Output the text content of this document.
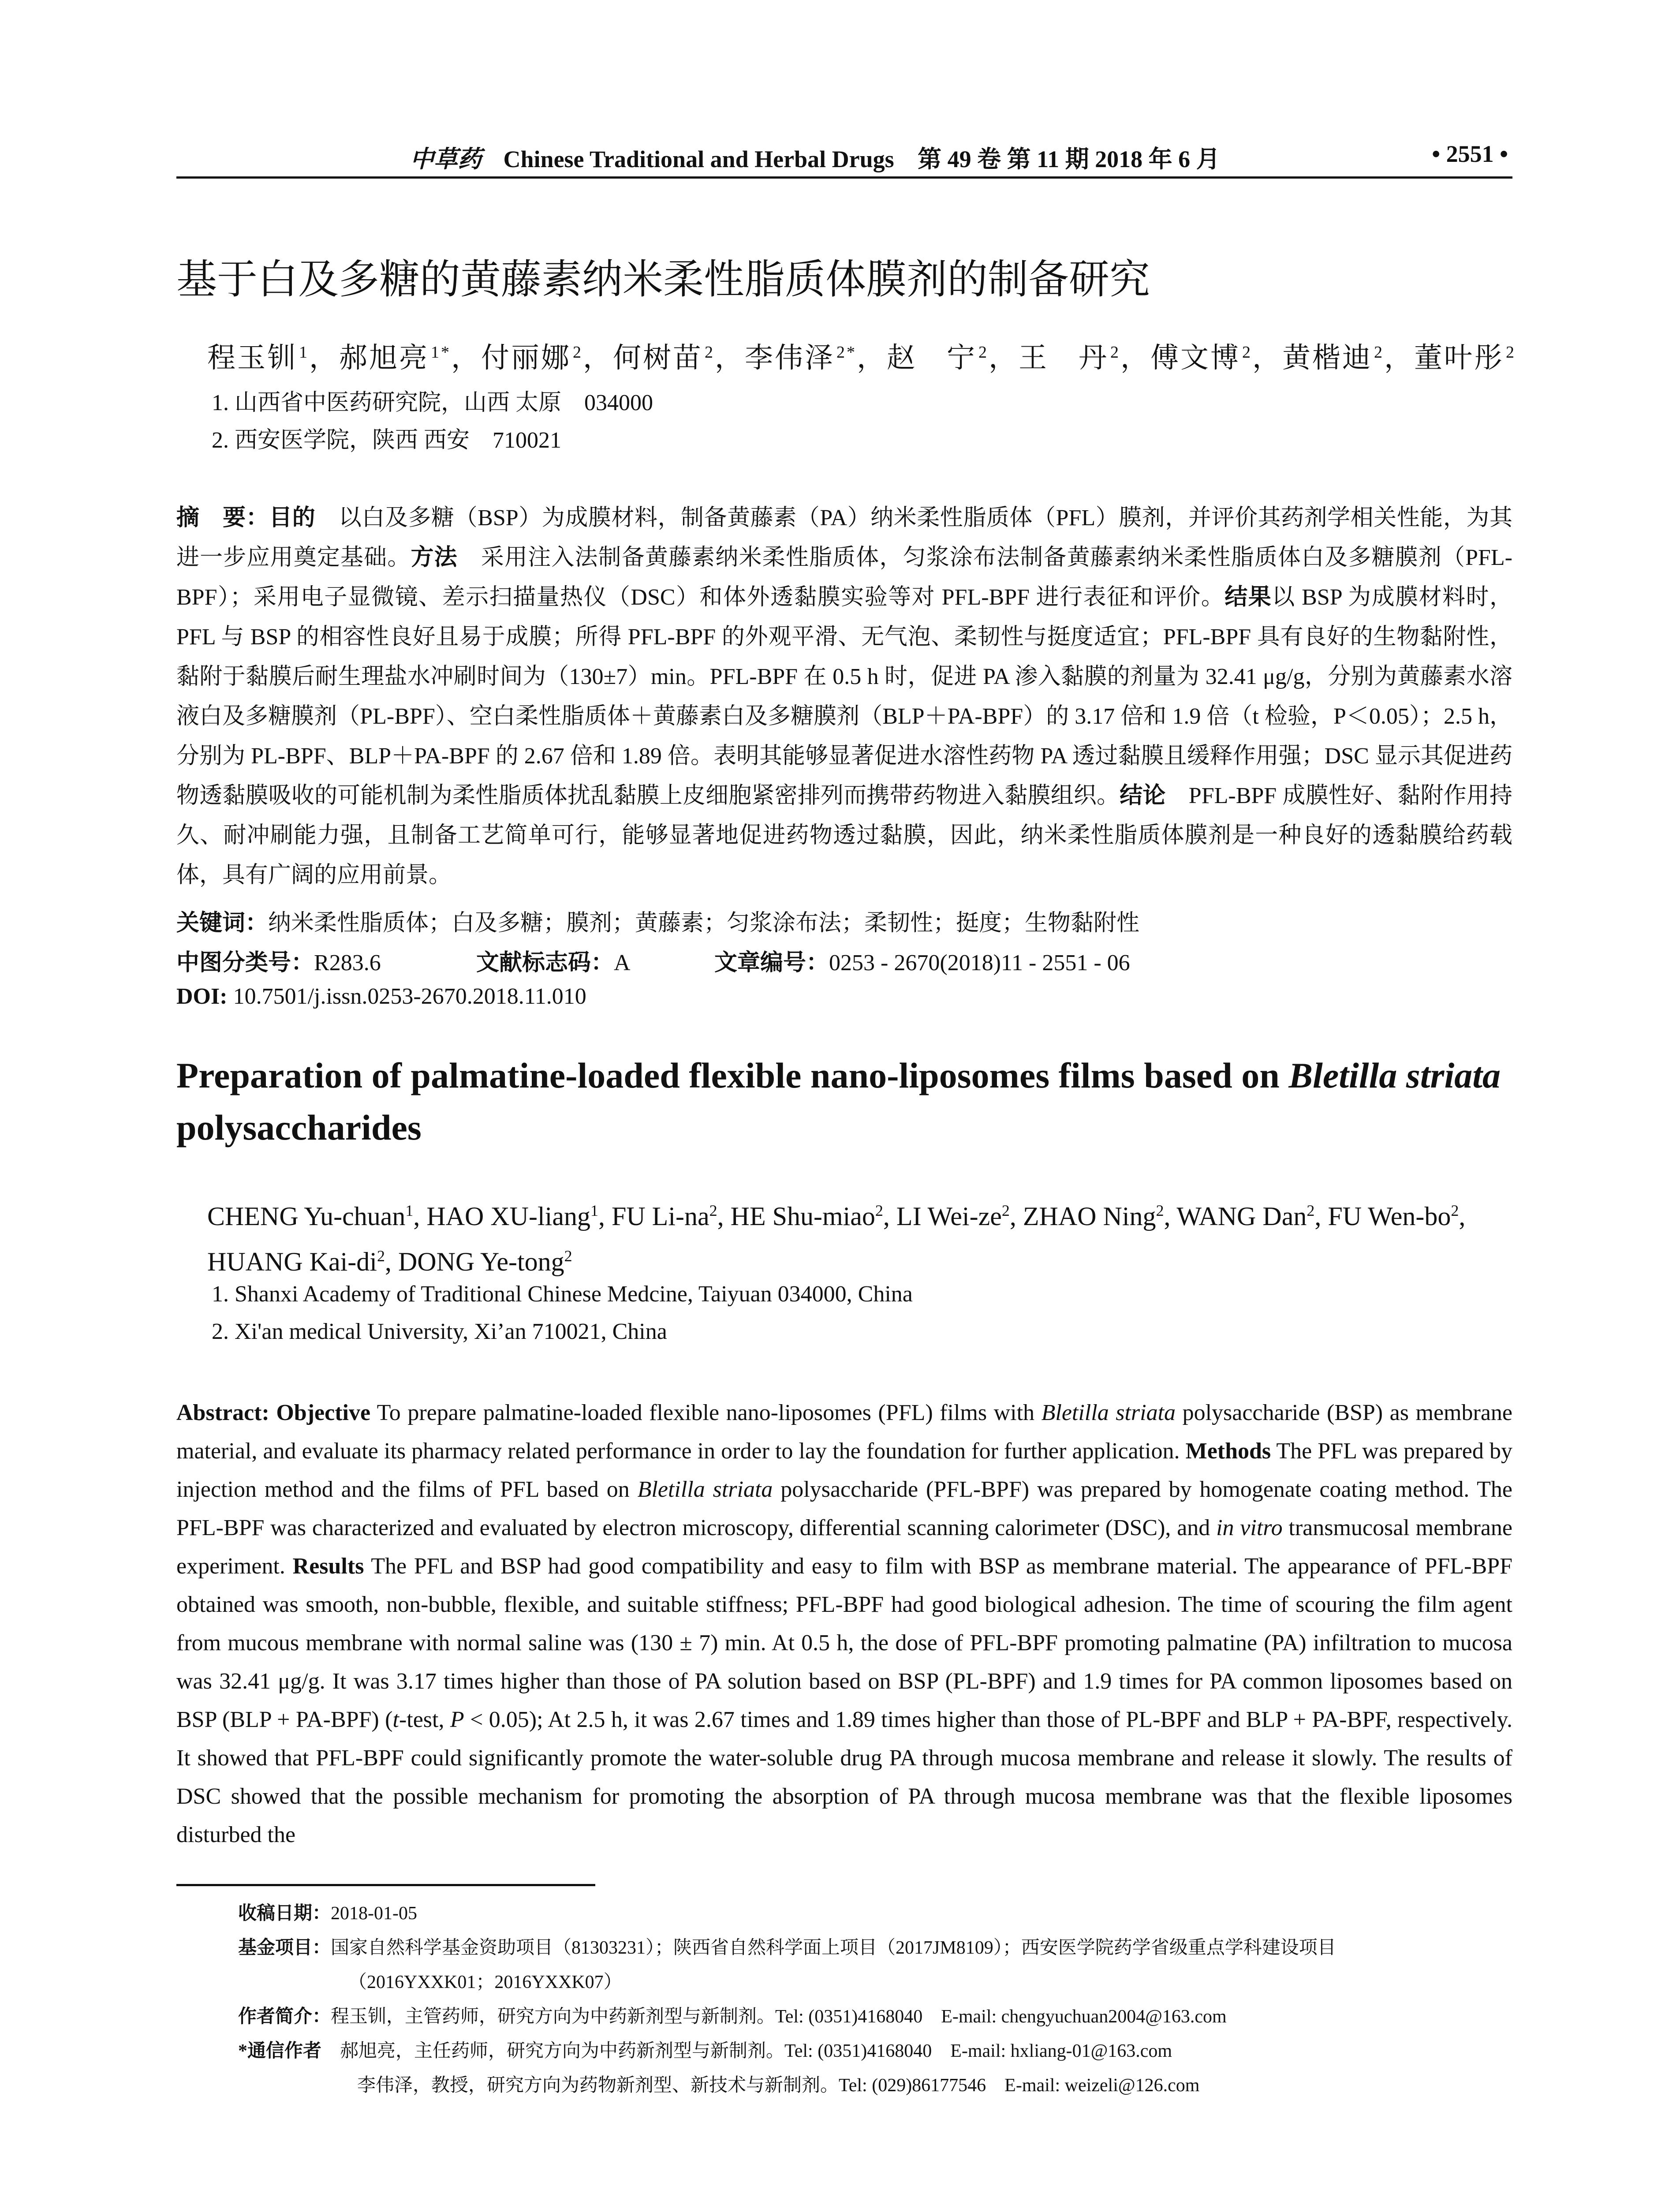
中草药 Chinese Traditional and Herbal Drugs 第 49 卷 第 11 期 2018 年 6 月	• 2551 •
基于白及多糖的黄藤素纳米柔性脂质体膜剂的制备研究
程玉钏 $^1$，郝旭亮 $^{1*}$，付丽娜 $^2$，何树苗 $^2$，李伟泽 $^{2*}$，赵　宁 $^2$，王　丹 $^2$，傅文博 $^2$，黄楷迪 $^2$，董叶彤 $^2$
1. 山西省中医药研究院，山西 太原　034000
2. 西安医学院，陕西 西安　710021
摘　要：目的　以白及多糖（BSP）为成膜材料，制备黄藤素（PA）纳米柔性脂质体（PFL）膜剂，并评价其药剂学相关性能，为其进一步应用奠定基础。方法　采用注入法制备黄藤素纳米柔性脂质体，匀浆涂布法制备黄藤素纳米柔性脂质体白及多糖膜剂（PFL-BPF）；采用电子显微镜、差示扫描量热仪（DSC）和体外透黏膜实验等对 PFL-BPF 进行表征和评价。结果以 BSP 为成膜材料时，PFL 与 BSP 的相容性良好且易于成膜；所得 PFL-BPF 的外观平滑、无气泡、柔韧性与挺度适宜；PFL-BPF 具有良好的生物黏附性，黏附于黏膜后耐生理盐水冲刷时间为（130±7）min。PFL-BPF 在 0.5 h 时，促进 PA 渗入黏膜的剂量为 32.41 μg/g，分别为黄藤素水溶液白及多糖膜剂（PL-BPF）、空白柔性脂质体＋黄藤素白及多糖膜剂（BLP＋PA-BPF）的 3.17 倍和 1.9 倍（t 检验，P＜0.05）；2.5 h，分别为 PL-BPF、BLP＋PA-BPF 的 2.67 倍和 1.89 倍。表明其能够显著促进水溶性药物 PA 透过黏膜且缓释作用强；DSC 显示其促进药物透黏膜吸收的可能机制为柔性脂质体扰乱黏膜上皮细胞紧密排列而携带药物进入黏膜组织。结论　PFL-BPF 成膜性好、黏附作用持久、耐冲刷能力强，且制备工艺简单可行，能够显著地促进药物透过黏膜，因此，纳米柔性脂质体膜剂是一种良好的透黏膜给药载体，具有广阔的应用前景。
关键词：纳米柔性脂质体；白及多糖；膜剂；黄藤素；匀浆涂布法；柔韧性；挺度；生物黏附性
中图分类号：R283.6	文献标志码：A	文章编号：0253 - 2670(2018)11 - 2551 - 06
DOI: 10.7501/j.issn.0253-2670.2018.11.010
Preparation of palmatine-loaded flexible nano-liposomes films based on Bletilla striata polysaccharides
CHENG Yu-chuan$^1$, HAO XU-liang$^1$, FU $Li-na^2$, HE Shu-miao$^2$, LI Wei-$ze^2$, ZHAO Ning$^2$, WANG Dan$^2$, FU Wen-$bo^2$, HUANG Kai-$di^2$, DONG Ye-tong$^2$
1. Shanxi Academy of Traditional Chinese Medcine, Taiyuan 034000, China
2. Xi'an medical University, Xi’an 710021, China
Abstract: Objective To prepare palmatine-loaded flexible nano-liposomes (PFL) films with Bletilla striata polysaccharide (BSP) as membrane material, and evaluate its pharmacy related performance in order to lay the foundation for further application. Methods The PFL was prepared by injection method and the films of PFL based on Bletilla striata polysaccharide (PFL-BPF) was prepared by homogenate coating method. The PFL-BPF was characterized and evaluated by electron microscopy, differential scanning calorimeter (DSC), and in vitro transmucosal membrane experiment. Results The PFL and BSP had good compatibility and easy to film with BSP as membrane material. The appearance of PFL-BPF obtained was smooth, non-bubble, flexible, and suitable stiffness; PFL-BPF had good biological adhesion. The time of scouring the film agent from mucous membrane with normal saline was (130 ± 7) min. At 0.5 h, the dose of PFL-BPF promoting palmatine (PA) infiltration to mucosa was 32.41 μg/g. It was 3.17 times higher than those of PA solution based on BSP (PL-BPF) and 1.9 times for PA common liposomes based on BSP (BLP + PA-BPF) (t-test, P < 0.05); At 2.5 h, it was 2.67 times and 1.89 times higher than those of PL-BPF and BLP + PA-BPF, respectively. It showed that PFL-BPF could significantly promote the water-soluble drug PA through mucosa membrane and release it slowly. The results of DSC showed that the possible mechanism for promoting the absorption of PA through mucosa membrane was that the flexible liposomes disturbed the
收稿日期：2018-01-05
基金项目：国家自然科学基金资助项目（81303231）；陕西省自然科学面上项目（2017JM8109）；西安医学院药学省级重点学科建设项目
（2016YXXK01；2016YXXK07）
作者简介：程玉钏，主管药师，研究方向为中药新剂型与新制剂。Tel: (0351)4168040　E-mail: chengyuchuan2004@163.com
*通信作者　郝旭亮，主任药师，研究方向为中药新剂型与新制剂。Tel: (0351)4168040　E-mail: hxliang-01@163.com
李伟泽，教授，研究方向为药物新剂型、新技术与新制剂。Tel: (029)86177546　E-mail: weizeli@126.com
